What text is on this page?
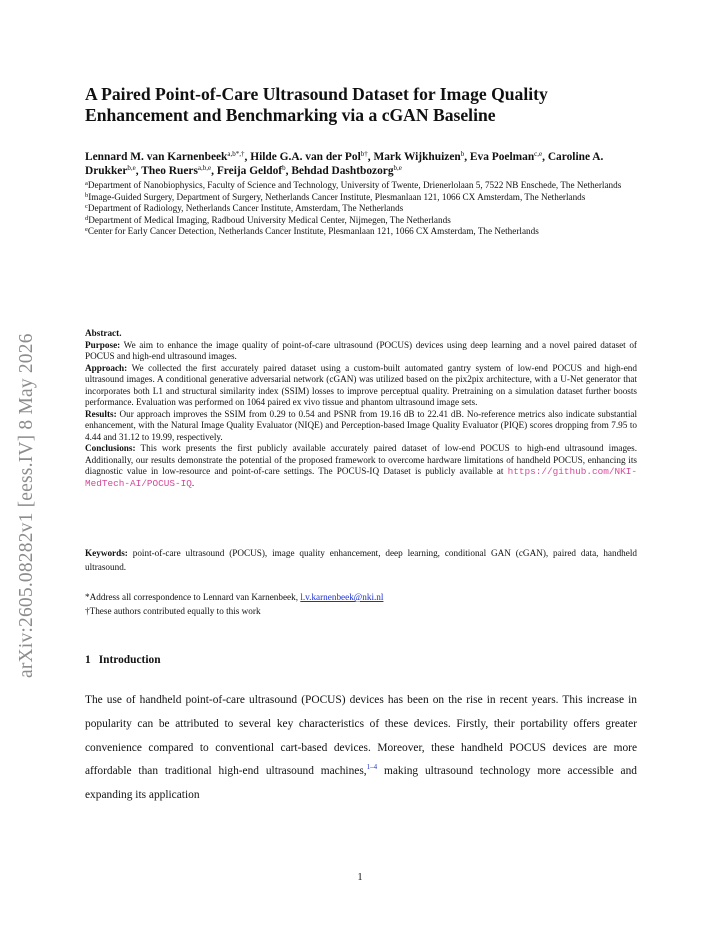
arXiv:2605.08282v1 [eess.IV] 8 May 2026
A Paired Point-of-Care Ultrasound Dataset for Image Quality Enhancement and Benchmarking via a cGAN Baseline
Lennard M. van Karnenbeek$^{a,b*,\dagger}$, Hilde G.A. van der Pol$^{b\dagger}$, Mark Wijkhuizen$^b$, Eva Poelman$^{c,e}$, Caroline A. Drukker$^{b,e}$, Theo Ruers$^{a,b,e}$, Freija Geldof$^b$, Behdad Dashtbozorg$^{b,e}$
$^a$Department of Nanobiophysics, Faculty of Science and Technology, University of Twente, Drienerlolaan 5, 7522 NB Enschede, The Netherlands
$^b$Image-Guided Surgery, Department of Surgery, Netherlands Cancer Institute, Plesmanlaan 121, 1066 CX Amsterdam, The Netherlands
$^c$Department of Radiology, Netherlands Cancer Institute, Amsterdam, The Netherlands
$^d$Department of Medical Imaging, Radboud University Medical Center, Nijmegen, The Netherlands
$^e$Center for Early Cancer Detection, Netherlands Cancer Institute, Plesmanlaan 121, 1066 CX Amsterdam, The Netherlands

Abstract.

Purpose: We aim to enhance the image quality of point-of-care ultrasound (POCUS) devices using deep learning and a novel paired dataset of POCUS and high-end ultrasound images.

Approach: We collected the first accurately paired dataset using a custom-built automated gantry system of low-end POCUS and high-end ultrasound images. A conditional generative adversarial network (cGAN) was utilized based on the pix2pix architecture, with a U-Net generator that incorporates both L1 and structural similarity index (SSIM) losses to improve perceptual quality. Pretraining on a simulation dataset further boosts performance. Evaluation was performed on 1064 paired ex vivo tissue and phantom ultrasound image sets.

Results: Our approach improves the SSIM from 0.29 to 0.54 and PSNR from 19.16 dB to 22.41 dB. No-reference metrics also indicate substantial enhancement, with the Natural Image Quality Evaluator (NIQE) and Perception-based Image Quality Evaluator (PIQE) scores dropping from 7.95 to 4.44 and 31.12 to 19.99, respectively.

Conclusions: This work presents the first publicly available accurately paired dataset of low-end POCUS to high-end ultrasound images. Additionally, our results demonstrate the potential of the proposed framework to overcome hardware limitations of handheld POCUS, enhancing its diagnostic value in low-resource and point-of-care settings. The POCUS-IQ Dataset is publicly available at https://github.com/NKI-MedTech-AI/POCUS-IQ.

Keywords: point-of-care ultrasound (POCUS), image quality enhancement, deep learning, conditional GAN (cGAN), paired data, handheld ultrasound.

*Address all correspondence to Lennard van Karnenbeek, l.v.karnenbeek@nki.nl

†These authors contributed equally to this work

1 Introduction

The use of handheld point-of-care ultrasound (POCUS) devices has been on the rise in recent years. This increase in popularity can be attributed to several key characteristics of these devices. Firstly, their portability offers greater convenience compared to conventional cart-based devices. Moreover, these handheld POCUS devices are more affordable than traditional high-end ultrasound machines,$^{1-4}$ making ultrasound technology more accessible and expanding its application

1
